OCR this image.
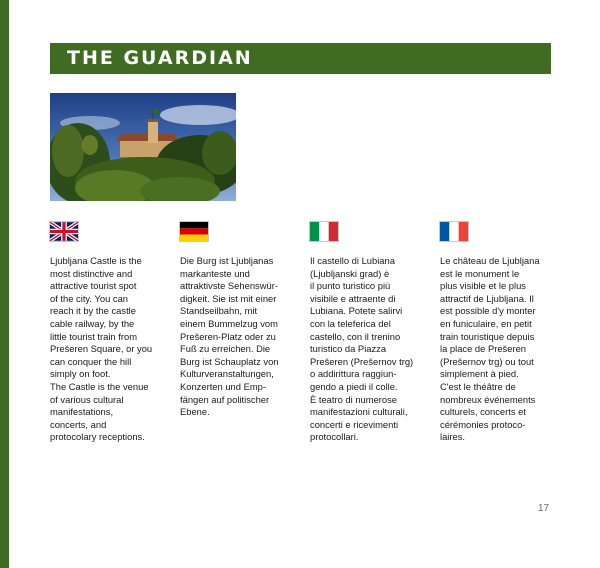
THE GUARDIAN
Ljubljana Castle is the
most distinctive and
attractive tourist spot
of the city. You can
reach it by the castle
cable railway, by the
little tourist train from
Prešeren Square, or you
can conquer the hill
simply on foot.
The Castle is the venue
of various cultural
manifestations,
concerts, and
protocolary receptions.
Die Burg ist Ljubljanas
markanteste und
attraktivste Sehenswür-
digkeit. Sie ist mit einer
Standseilbahn, mit
einem Bummelzug vom
Prešeren-Platz oder zu
Fuß zu erreichen. Die
Burg ist Schauplatz von
Kulturveranstaltungen,
Konzerten und Emp-
fängen auf politischer
Ebene.
Il castello di Lubiana
(Ljubljanski grad) è
il punto turistico più
visibile e attraente di
Lubiana. Potete salirvi
con la teleferica del
castello, con il trenino
turistico da Piazza
Prešeren (Prešernov trg)
o addirittura raggiun-
gendo a piedi il colle.
È teatro di numerose
manifestazioni culturali,
concerti e ricevimenti
protocollari.
Le château de Ljubljana
est le monument le
plus visible et le plus
attractif de Ljubljana. Il
est possible d'y monter
en funiculaire, en petit
train touristique depuis
la place de Prešeren
(Prešernov trg) ou tout
simplement à pied.
C'est le théâtre de
nombreux événements
culturels, concerts et
cérémonies protoco-
laires.
17
